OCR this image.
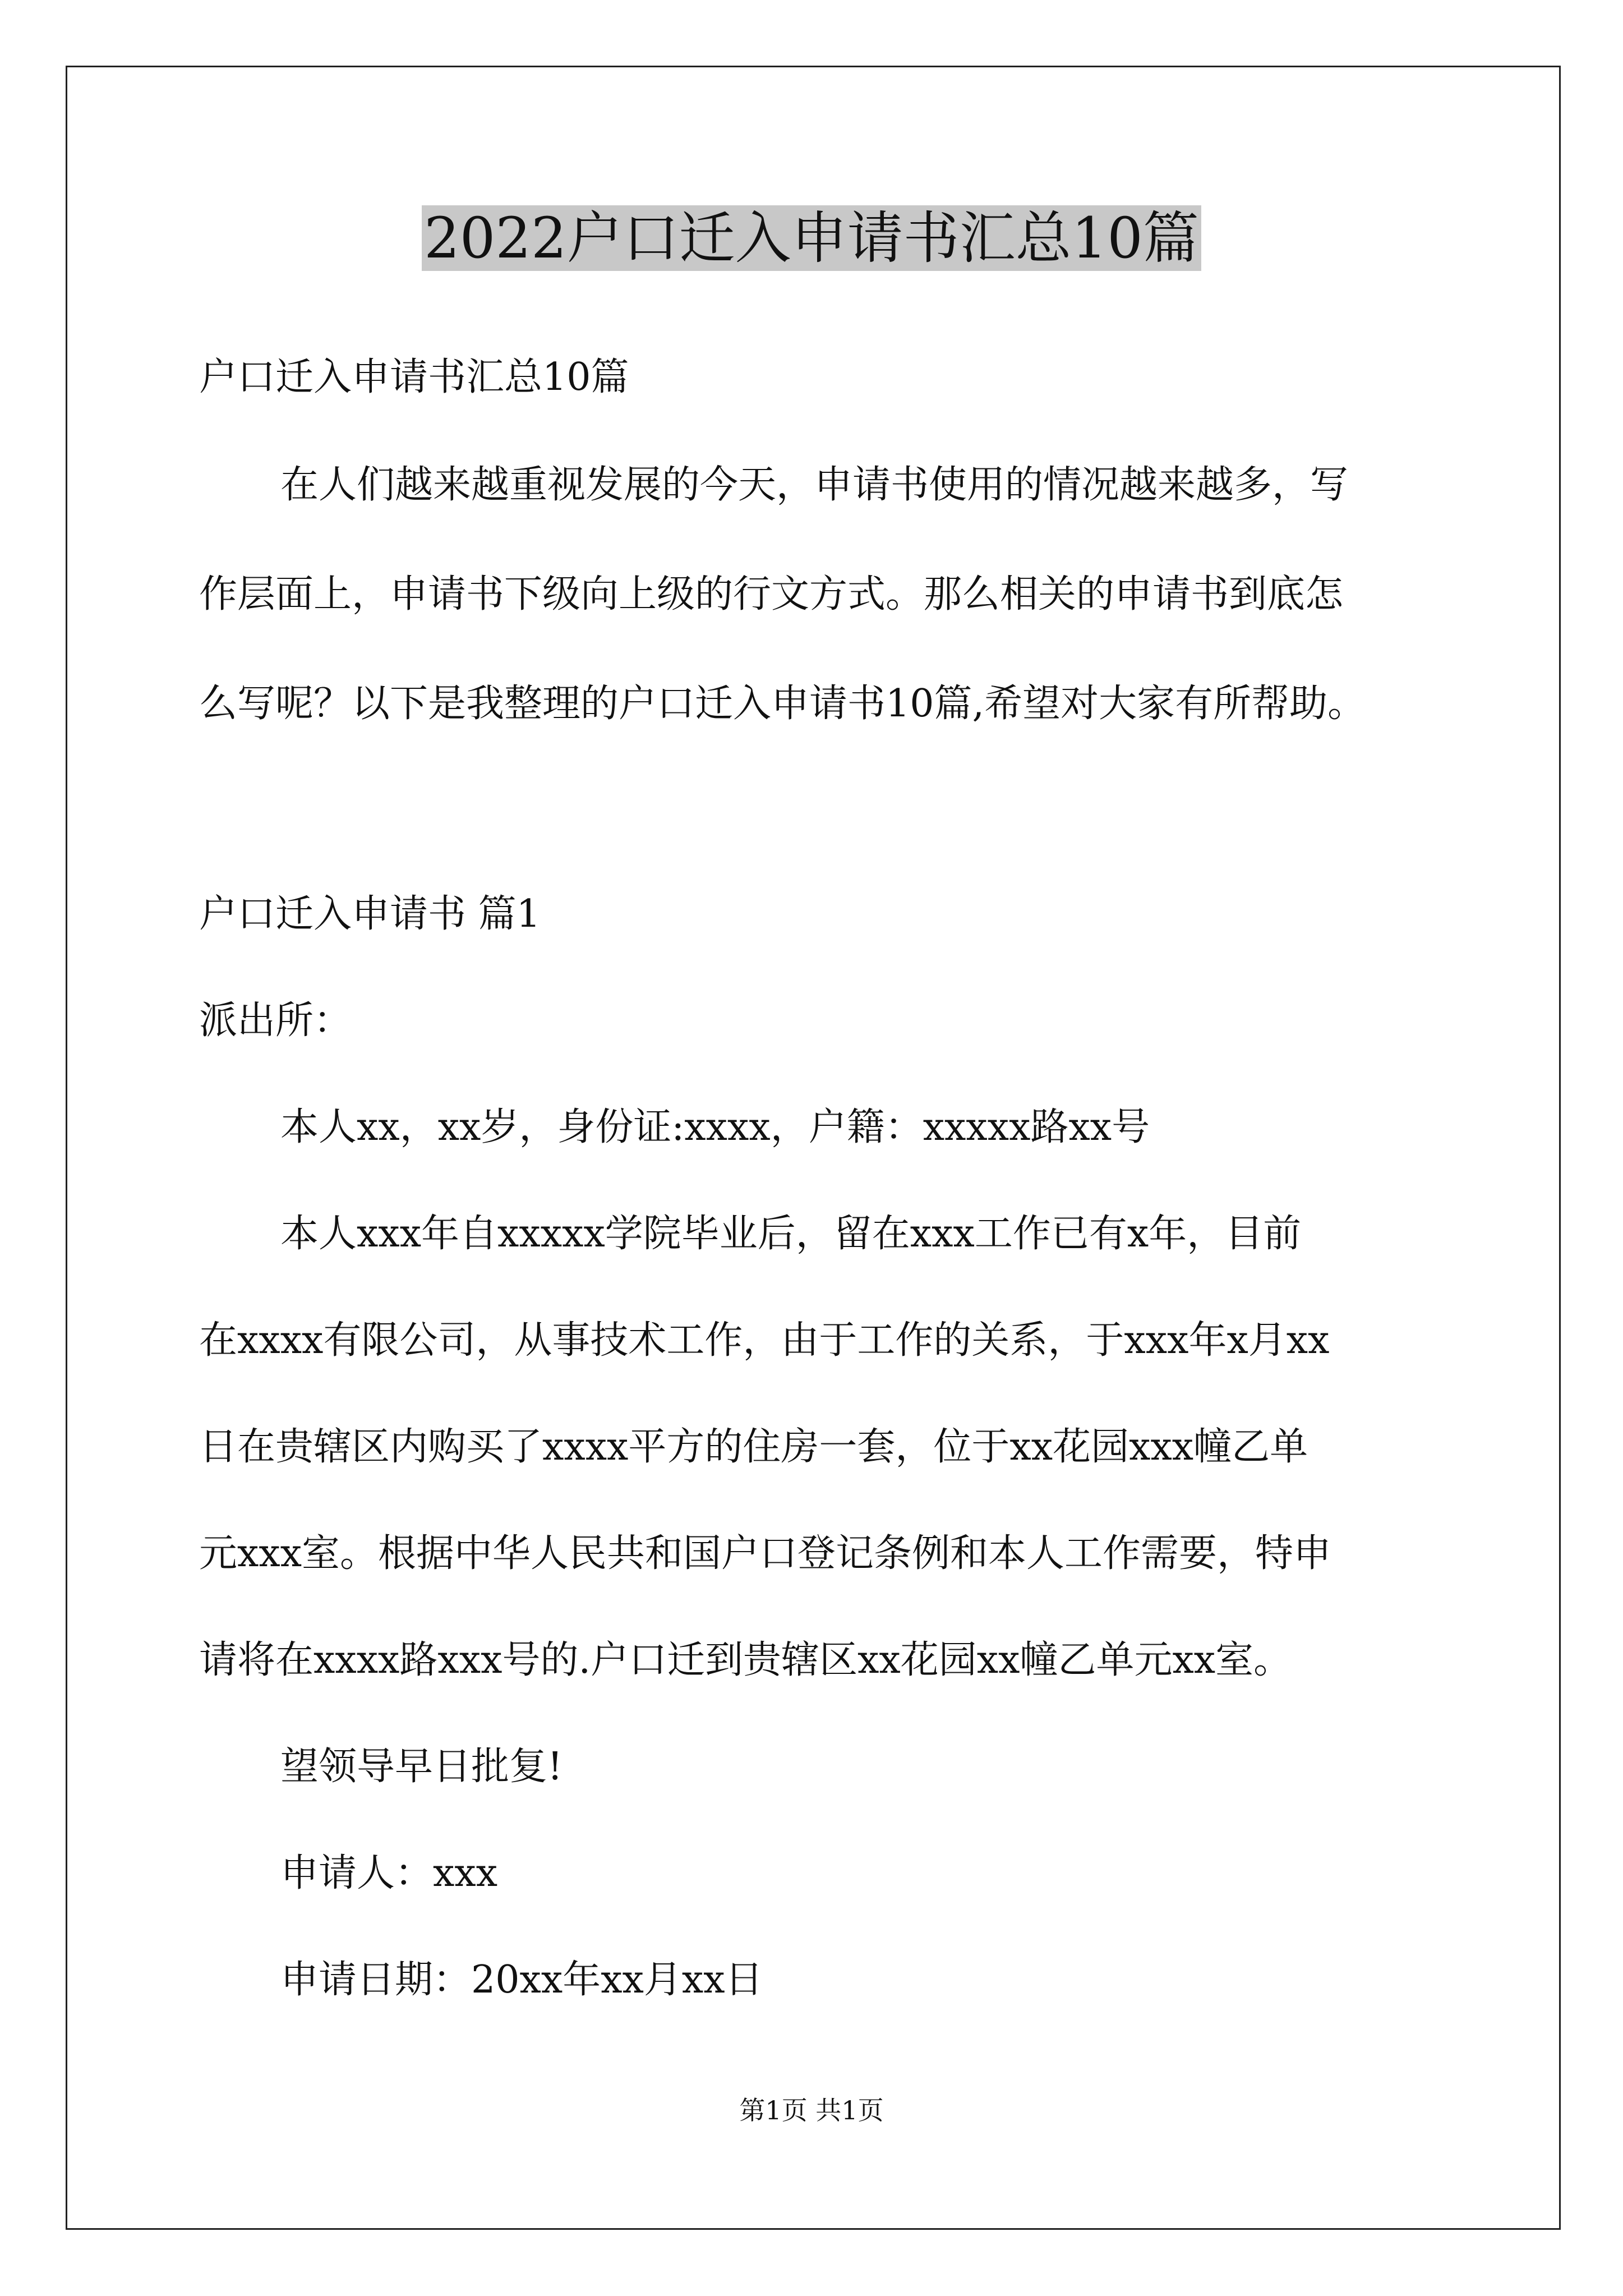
2022户口迁入申请书汇总10篇

户口迁入申请书汇总10篇

在人们越来越重视发展的今天，申请书使用的情况越来越多，写

作层面上，申请书下级向上级的行文方式。那么相关的申请书到底怎

么写呢？以下是我整理的户口迁入申请书10篇,希望对大家有所帮助。

户口迁入申请书 篇1

派出所：

本人xx，xx岁，身份证:xxxx，户籍：xxxxx路xx号

本人xxx年自xxxxx学院毕业后，留在xxx工作已有x年，目前

在xxxx有限公司，从事技术工作，由于工作的关系，于xxx年x月xx

日在贵辖区内购买了xxxx平方的住房一套，位于xx花园xxx幢乙单

元xxx室。根据中华人民共和国户口登记条例和本人工作需要，特申

请将在xxxx路xxx号的.户口迁到贵辖区xx花园xx幢乙单元xx室。

望领导早日批复!

申请人：xxx

申请日期：20xx年xx月xx日

第1页 共1页
